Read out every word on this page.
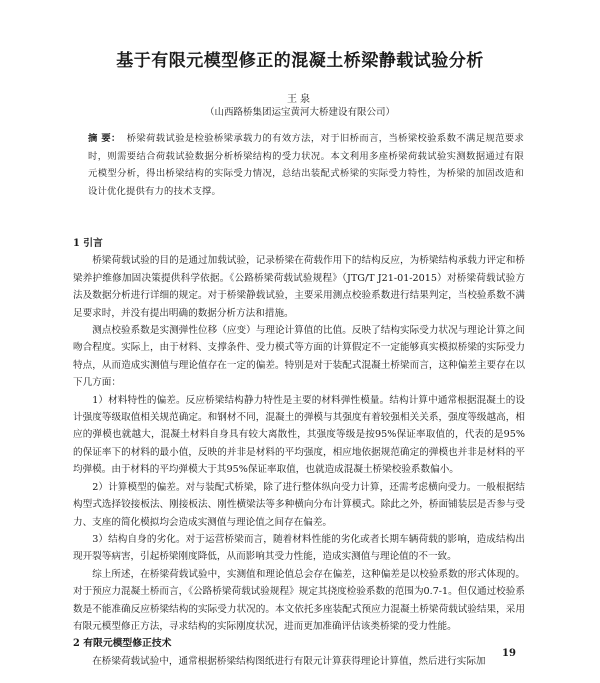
基于有限元模型修正的混凝土桥梁静载试验分析
王泉
（山西路桥集团运宝黄河大桥建设有限公司）

摘 要： 桥梁荷载试验是检验桥梁承载力的有效方法，对于旧桥而言，当桥梁校验系数不满足规范要求时，则需要结合荷载试验数据分析桥梁结构的受力状况。本文利用多座桥梁荷载试验实测数据通过有限元模型分析，得出桥梁结构的实际受力情况，总结出装配式桥梁的实际受力特性，为桥梁的加固改造和设计优化提供有力的技术支撑。

1 引言

桥梁荷载试验的目的是通过加载试验，记录桥梁在荷载作用下的结构反应，为桥梁结构承载力评定和桥梁养护维修加固决策提供科学依据。《公路桥梁荷载试验规程》（JTG/T J21-01-2015）对桥梁荷载试验方法及数据分析进行详细的规定。对于桥梁静载试验，主要采用测点校验系数进行结果判定，当校验系数不满足要求时，并没有提出明确的数据分析方法和措施。

测点校验系数是实测弹性位移（应变）与理论计算值的比值。反映了结构实际受力状况与理论计算之间吻合程度。实际上，由于材料、支撑条件、受力模式等方面的计算假定不一定能够真实模拟桥梁的实际受力特点，从而造成实测值与理论值存在一定的偏差。特别是对于装配式混凝土桥梁而言，这种偏差主要存在以下几方面：

1）材料特性的偏差。反应桥梁结构静力特性是主要的材料弹性模量。结构计算中通常根据混凝土的设计强度等级取值相关规范确定。和钢材不同，混凝土的弹模与其强度有着较强相关关系，强度等级越高，相应的弹模也就越大，混凝土材料自身具有较大离散性，其强度等级是按95%保证率取值的，代表的是95%的保证率下的材料的最小值，反映的并非是材料的平均强度，相应地依据规范确定的弹模也并非是材料的平均弹模。由于材料的平均弹模大于其95%保证率取值，也就造成混凝土桥梁校验系数偏小。

2）计算模型的偏差。对与装配式桥梁，除了进行整体纵向受力计算，还需考虑横向受力。一般根据结构型式选择铰接板法、刚接板法、刚性横梁法等多种横向分布计算模式。除此之外，桥面铺装层是否参与受力、支座的简化模拟均会造成实测值与理论值之间存在偏差。

3）结构自身的劣化。对于运营桥梁而言，随着材料性能的劣化或者长期车辆荷载的影响，造成结构出现开裂等病害，引起桥梁刚度降低，从而影响其受力性能，造成实测值与理论值的不一致。

综上所述，在桥梁荷载试验中，实测值和理论值总会存在偏差，这种偏差是以校验系数的形式体现的。对于预应力混凝土桥而言，《公路桥梁荷载试验规程》规定其挠度检验系数的范围为0.7-1。但仅通过校验系数是不能准确反应桥梁结构的实际受力状况的。本文依托多座装配式预应力混凝土桥梁荷载试验结果，采用有限元模型修正方法，寻求结构的实际刚度状况，进而更加准确评估该类桥梁的受力性能。

2 有限元模型修正技术

在桥梁荷载试验中，通常根据桥梁结构图纸进行有限元计算获得理论计算值，然后进行实际加

19
